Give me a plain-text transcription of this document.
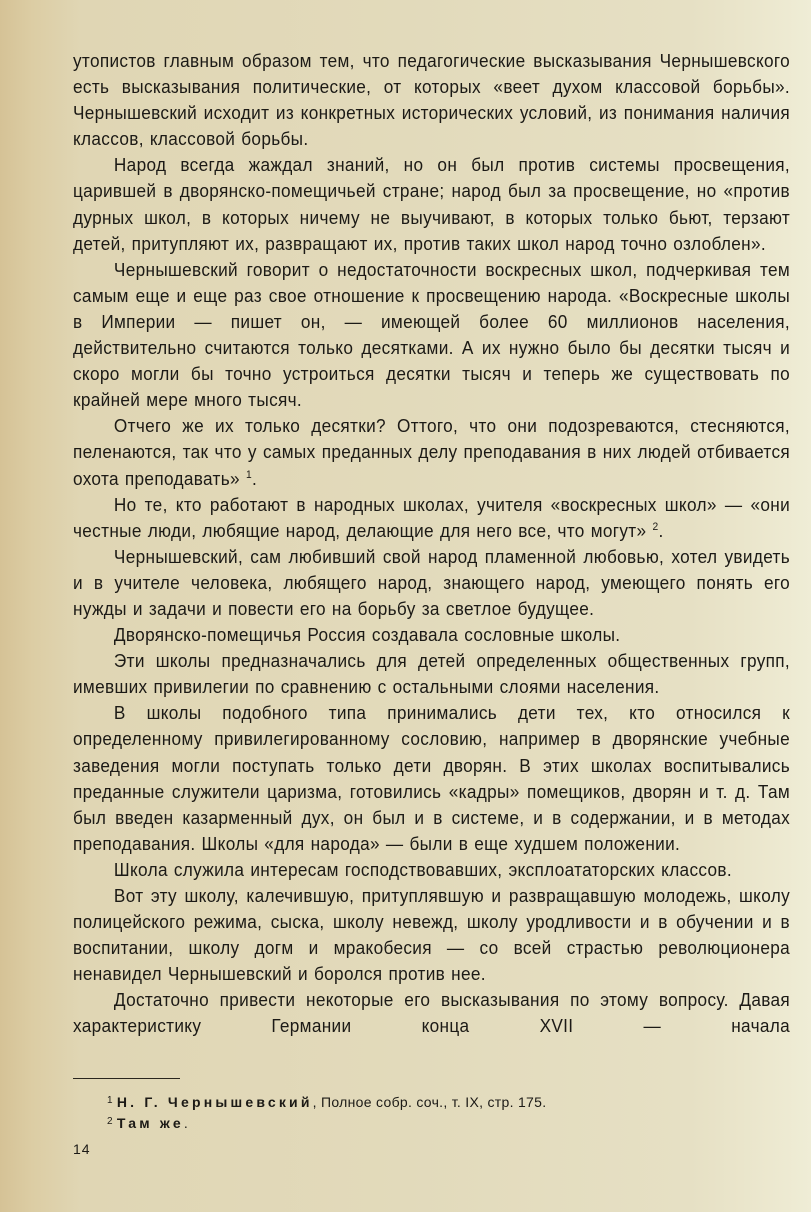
утопистов главным образом тем, что педагогические высказывания Чернышевского есть высказывания политические, от которых «веет духом классовой борьбы». Чернышевский исходит из конкретных исторических условий, из понимания наличия классов, классовой борьбы.

Народ всегда жаждал знаний, но он был против системы просвещения, царившей в дворянско-помещичьей стране; народ был за просвещение, но «против дурных школ, в которых ничему не выучивают, в которых только бьют, терзают детей, притупляют их, развращают их, против таких школ народ точно озлоблен».

Чернышевский говорит о недостаточности воскресных школ, подчеркивая тем самым еще и еще раз свое отношение к просвещению народа. «Воскресные школы в Империи — пишет он, — имеющей более 60 миллионов населения, действительно считаются только десятками. А их нужно было бы десятки тысяч и скоро могли бы точно устроиться десятки тысяч и теперь же существовать по крайней мере много тысяч.

Отчего же их только десятки? Оттого, что они подозреваются, стесняются, пеленаются, так что у самых преданных делу преподавания в них людей отбивается охота преподавать» $^1$.

Но те, кто работают в народных школах, учителя «воскресных школ» — «они честные люди, любящие народ, делающие для него все, что могут» $^2$.

Чернышевский, сам любивший свой народ пламенной любовью, хотел увидеть и в учителе человека, любящего народ, знающего народ, умеющего понять его нужды и задачи и повести его на борьбу за светлое будущее.

Дворянско-помещичья Россия создавала сословные школы.

Эти школы предназначались для детей определенных общественных групп, имевших привилегии по сравнению с остальными слоями населения.

В школы подобного типа принимались дети тех, кто относился к определенному привилегированному сословию, например в дворянские учебные заведения могли поступать только дети дворян. В этих школах воспитывались преданные служители царизма, готовились «кадры» помещиков, дворян и т. д. Там был введен казарменный дух, он был и в системе, и в содержании, и в методах преподавания. Школы «для народа» — были в еще худшем положении.

Школа служила интересам господствовавших, эксплоататорских классов.

Вот эту школу, калечившую, притуплявшую и развращавшую молодежь, школу полицейского режима, сыска, школу невежд, школу уродливости и в обучении и в воспитании, школу догм и мракобесия — со всей страстью революционера ненавидел Чернышевский и боролся против нее.

Достаточно привести некоторые его высказывания по этому вопросу. Давая характеристику Германии конца XVII — начала

$^1$ Н. Г. Чернышевский, Полное собр. соч., т. IX, стр. 175.
$^2$ Там же.
14
